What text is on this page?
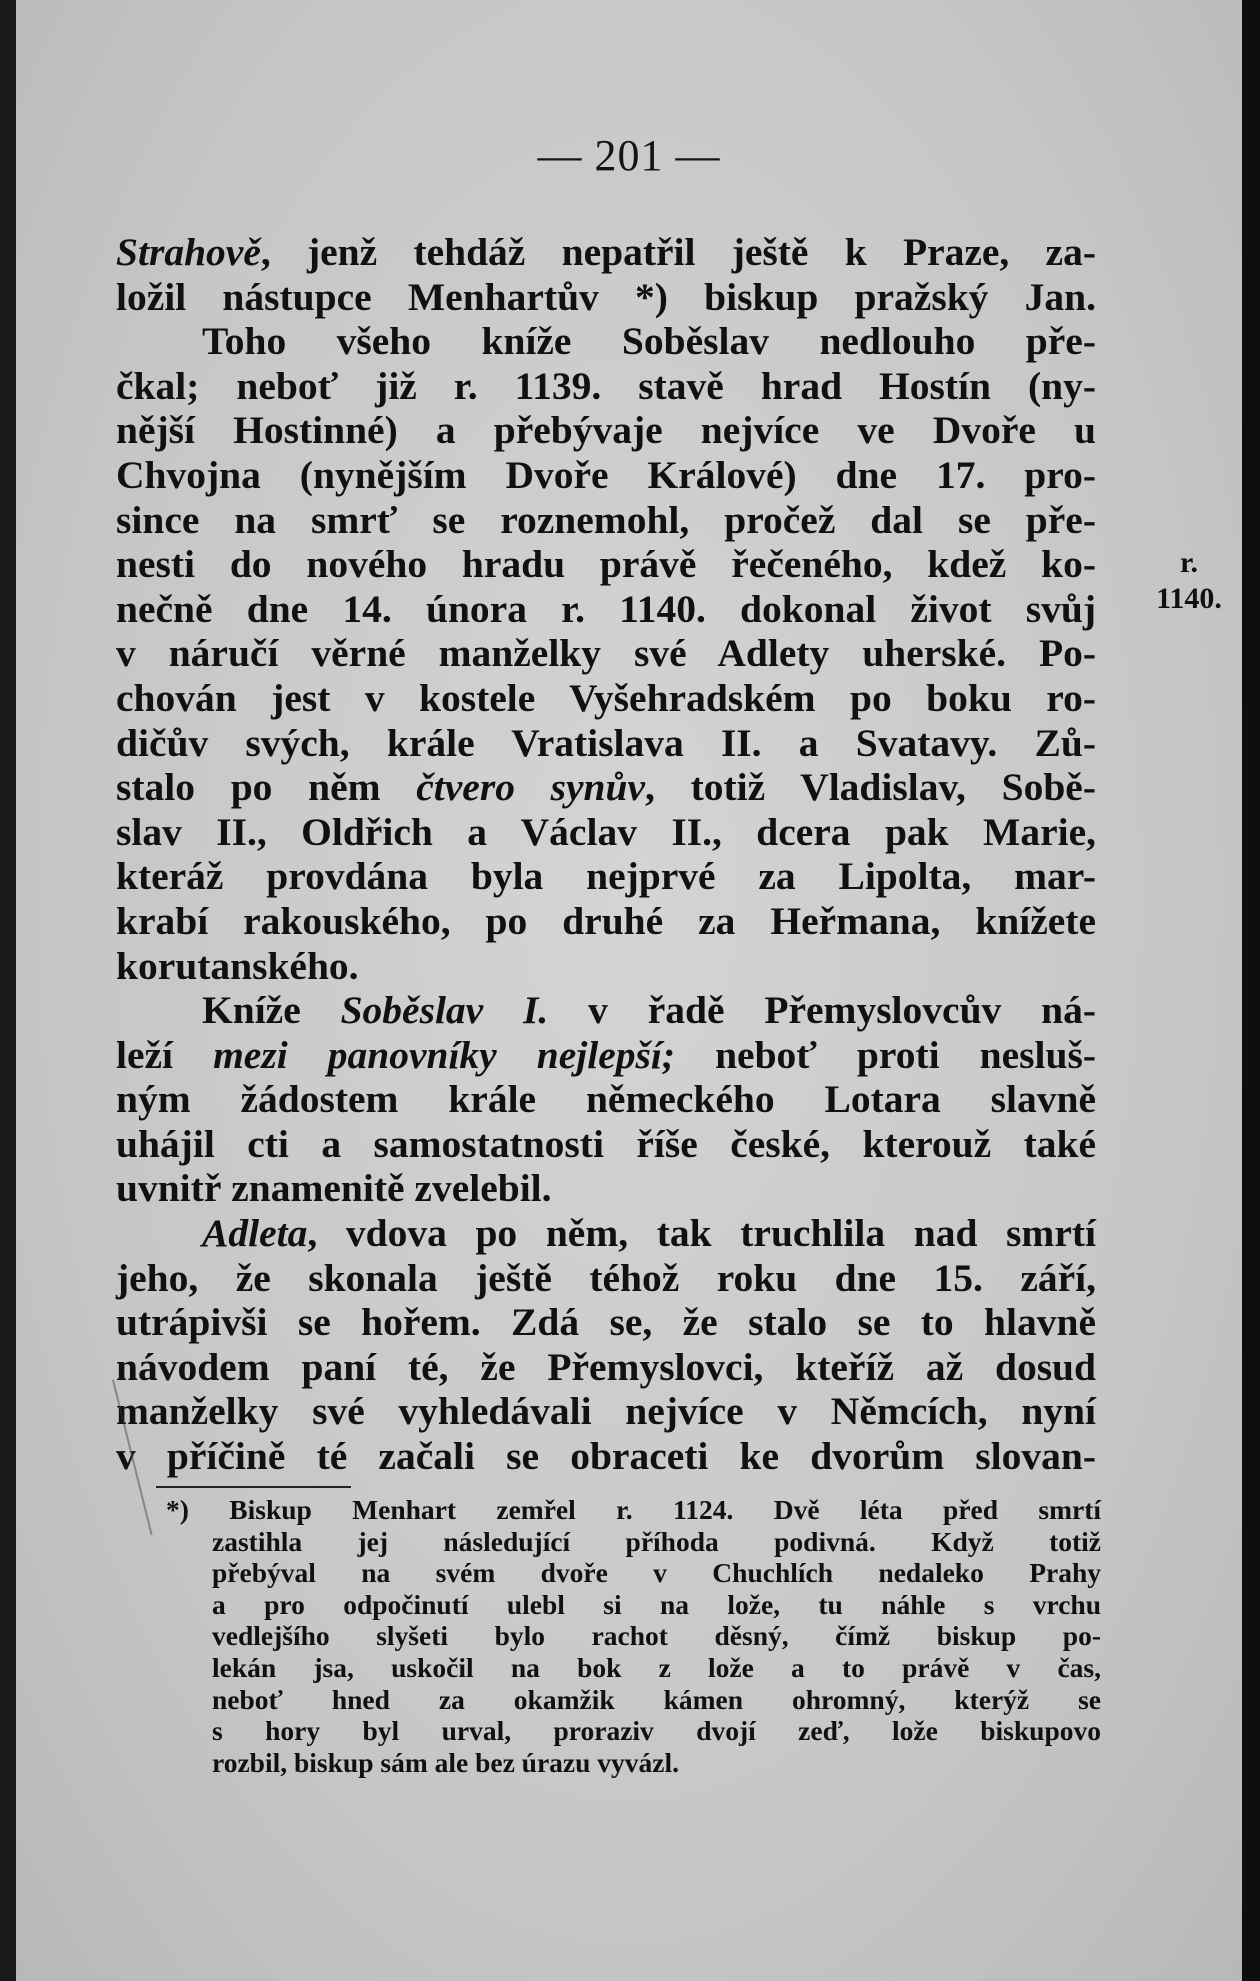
— 201 —
Strahově, jenž tehdáž nepatřil ještě k Praze, za-
ložil nástupce Menhartův *) biskup pražský Jan.
Toho všeho kníže Soběslav nedlouho pře-
čkal; neboť již r. 1139. stavě hrad Hostín (ny-
nější Hostinné) a přebývaje nejvíce ve Dvoře u
Chvojna (nynějším Dvoře Králové) dne 17. pro-
since na smrť se roznemohl, pročež dal se pře-
nesti do nového hradu právě řečeného, kdež ko-
nečně dne 14. února r. 1140. dokonal život svůj
v náručí věrné manželky své Adlety uherské. Po-
chován jest v kostele Vyšehradském po boku ro-
dičův svých, krále Vratislava II. a Svatavy. Zů-
stalo po něm čtvero synův, totiž Vladislav, Sobě-
slav II., Oldřich a Václav II., dcera pak Marie,
kteráž provdána byla nejprvé za Lipolta, mar-
krabí rakouského, po druhé za Heřmana, knížete
korutanského.
Kníže Soběslav I. v řadě Přemyslovcův ná-
leží mezi panovníky nejlepší; neboť proti nesluš-
ným žádostem krále německého Lotara slavně
uhájil cti a samostatnosti říše české, kterouž také
uvnitř znamenitě zvelebil.
Adleta, vdova po něm, tak truchlila nad smrtí
jeho, že skonala ještě téhož roku dne 15. září,
utrápivši se hořem. Zdá se, že stalo se to hlavně
návodem paní té, že Přemyslovci, kteříž až dosud
manželky své vyhledávali nejvíce v Němcích, nyní
v příčině té začali se obraceti ke dvorům slovan-
r.
1140.
*) Biskup Menhart zemřel r. 1124. Dvě léta před smrtí
zastihla jej následující příhoda podivná. Když totiž
přebýval na svém dvoře v Chuchlích nedaleko Prahy
a pro odpočinutí ulebl si na lože, tu náhle s vrchu
vedlejšího slyšeti bylo rachot děsný, čímž biskup po-
lekán jsa, uskočil na bok z lože a to právě v čas,
neboť hned za okamžik kámen ohromný, kterýž se
s hory byl urval, proraziv dvojí zeď, lože biskupovo
rozbil, biskup sám ale bez úrazu vyvázl.
